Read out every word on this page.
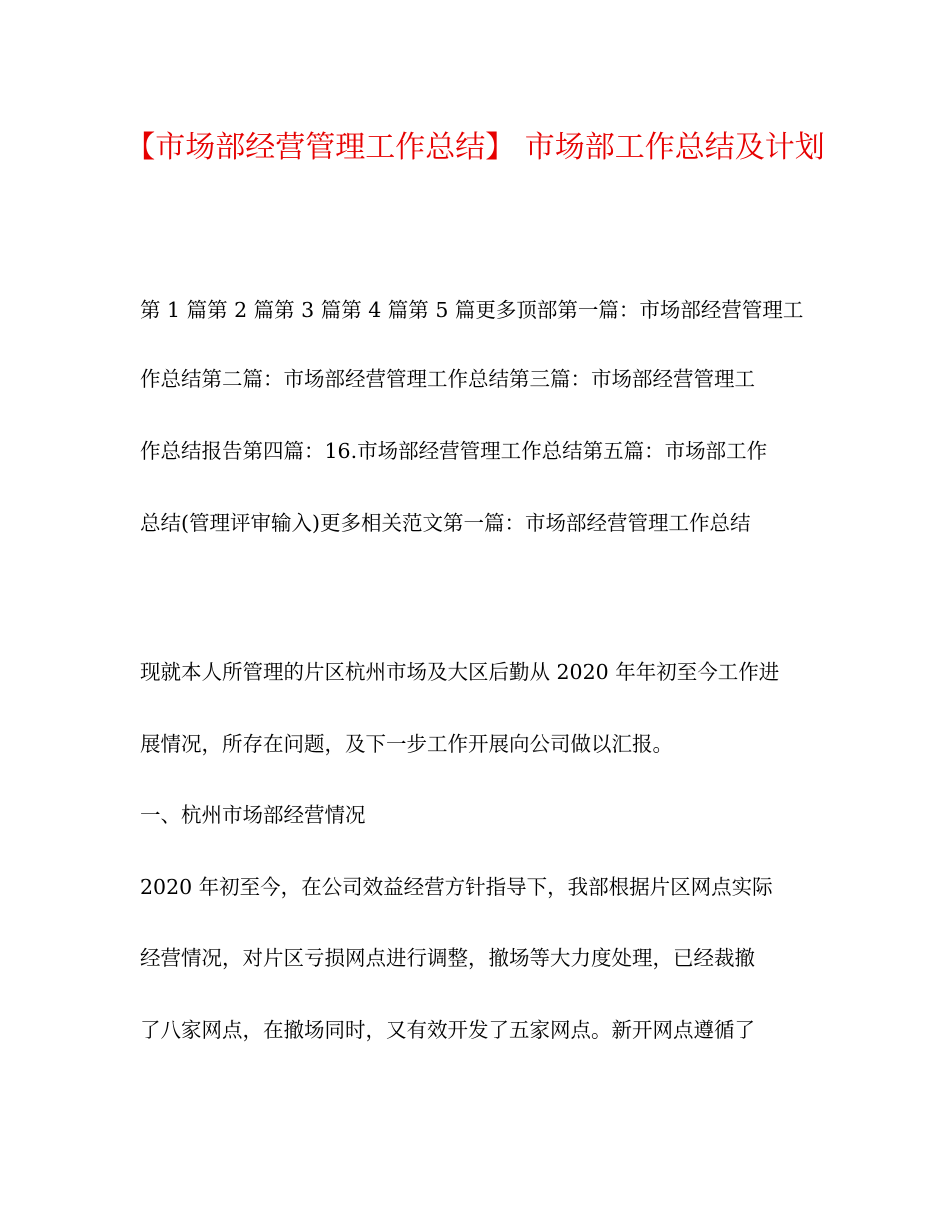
【市场部经营管理工作总结】 市场部工作总结及计划
第 1 篇第 2 篇第 3 篇第 4 篇第 5 篇更多顶部第一篇：市场部经营管理工
作总结第二篇：市场部经营管理工作总结第三篇：市场部经营管理工
作总结报告第四篇：16.市场部经营管理工作总结第五篇：市场部工作
总结(管理评审输入)更多相关范文第一篇：市场部经营管理工作总结
现就本人所管理的片区杭州市场及大区后勤从 2020 年年初至今工作进
展情况，所存在问题，及下一步工作开展向公司做以汇报。
一、杭州市场部经营情况
2020 年初至今，在公司效益经营方针指导下，我部根据片区网点实际
经营情况，对片区亏损网点进行调整，撤场等大力度处理，已经裁撤
了八家网点，在撤场同时，又有效开发了五家网点。新开网点遵循了
